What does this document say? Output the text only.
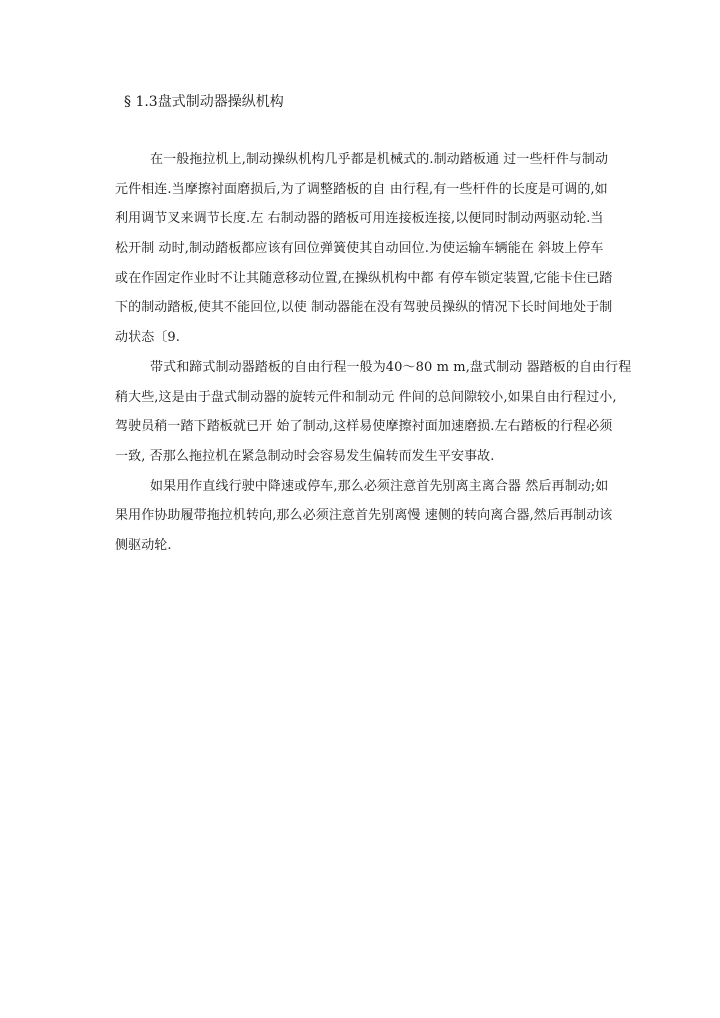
§ 1.3盘式制动器操纵机构
在一般拖拉机上,制动操纵机构几乎都是机械式的.制动踏板通 过一些杆件与制动
元件相连.当摩擦衬面磨损后,为了调整踏板的自 由行程,有一些杆件的长度是可调的,如
利用调节叉来调节长度.左 右制动器的踏板可用连接板连接,以便同时制动两驱动轮.当
松开制 动时,制动踏板都应该有回位弹簧使其自动回位.为使运输车辆能在 斜坡上停车
或在作固定作业时不让其随意移动位置,在操纵机构中都 有停车锁定装置,它能卡住已踏
下的制动踏板,使其不能回位,以使 制动器能在没有驾驶员操纵的情况下长时间地处于制
动状态〔9.
带式和蹄式制动器踏板的自由行程一般为40〜80 m m,盘式制动 器踏板的自由行程
稍大些,这是由于盘式制动器的旋转元件和制动元 件间的总间隙较小,如果自由行程过小,
驾驶员稍一踏下踏板就已开 始了制动,这样易使摩擦衬面加速磨损.左右踏板的行程必须
一致, 否那么拖拉机在紧急制动时会容易发生偏转而发生平安事故.
如果用作直线行驶中降速或停车,那么必须注意首先别离主离合器 然后再制动;如
果用作协助履带拖拉机转向,那么必须注意首先别离慢 速侧的转向离合器,然后再制动该
侧驱动轮.
